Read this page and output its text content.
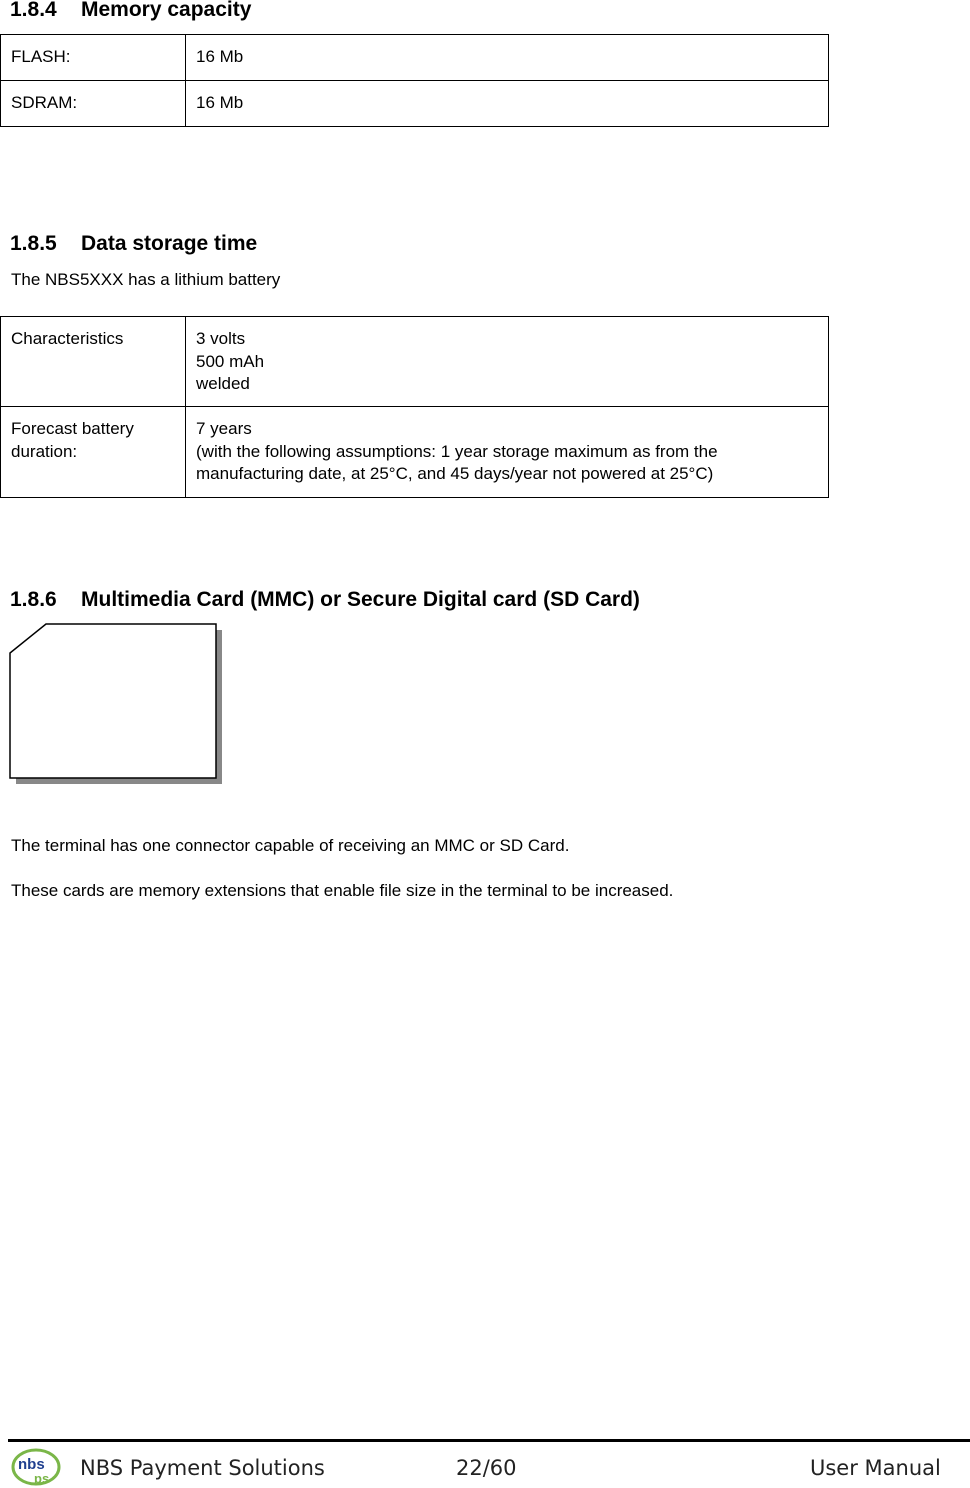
1.8.4 Memory capacity
FLASH:	16 Mb
SDRAM:	16 Mb
1.8.5 Data storage time

The NBS5XXX has a lithium battery

Characteristics	3 volts
500 mAh
welded

Forecast battery
duration:	7 years
(with the following assumptions: 1 year storage maximum as from the
manufacturing date, at 25°C, and 45 days/year not powered at 25°C)
1.8.6 Multimedia Card (MMC) or Secure Digital card (SD Card)

The terminal has one connector capable of receiving an MMC or SD Card.

These cards are memory extensions that enable file size in the terminal to be increased.

nbs
ps NBS Payment Solutions	22/60	User Manual
